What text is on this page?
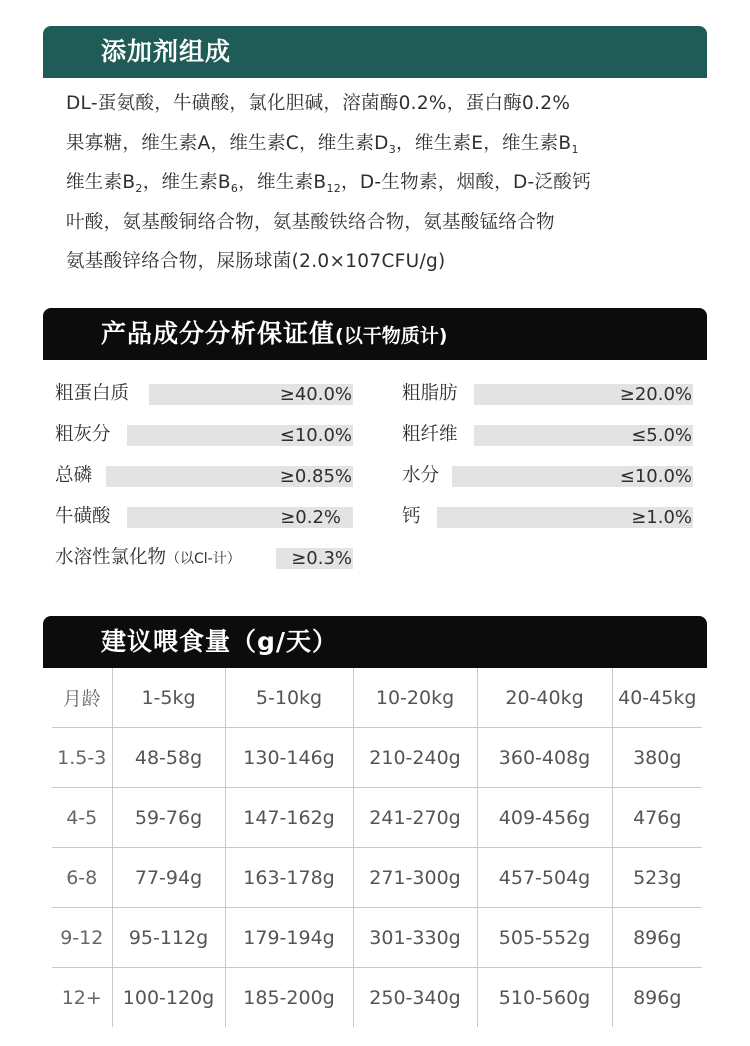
添加剂组成
DL-蛋氨酸，牛磺酸，氯化胆碱，溶菌酶0.2%，蛋白酶0.2%
果寡糖，维生素A，维生素C，维生素$D_3$，维生素E，维生素$B_1$
维生素$B_2$，维生素$B_6$，维生素$B_{12}$，D-生物素，烟酸，D-泛酸钙
叶酸，氨基酸铜络合物，氨基酸铁络合物，氨基酸锰络合物
氨基酸锌络合物，屎肠球菌(2.0×107CFU/g)
产品成分分析保证值(以干物质计)
粗蛋白质	≥40.0%	粗脂肪	≥20.0%
粗灰分	≤10.0%	粗纤维	≤5.0%
总磷	≥0.85%	水分	≤10.0%
牛磺酸	≥0.2%	钙	≥1.0%
水溶性氯化物（以Cl-计）	≥0.3%
建议喂食量（g/天）
月龄	1-5kg	5-10kg	10-20kg	20-40kg	40-45kg
1.5-3	48-58g	130-146g	210-240g	360-408g	380g
4-5	59-76g	147-162g	241-270g	409-456g	476g
6-8	77-94g	163-178g	271-300g	457-504g	523g
9-12	95-112g	179-194g	301-330g	505-552g	896g
12+	100-120g	185-200g	250-340g	510-560g	896g
